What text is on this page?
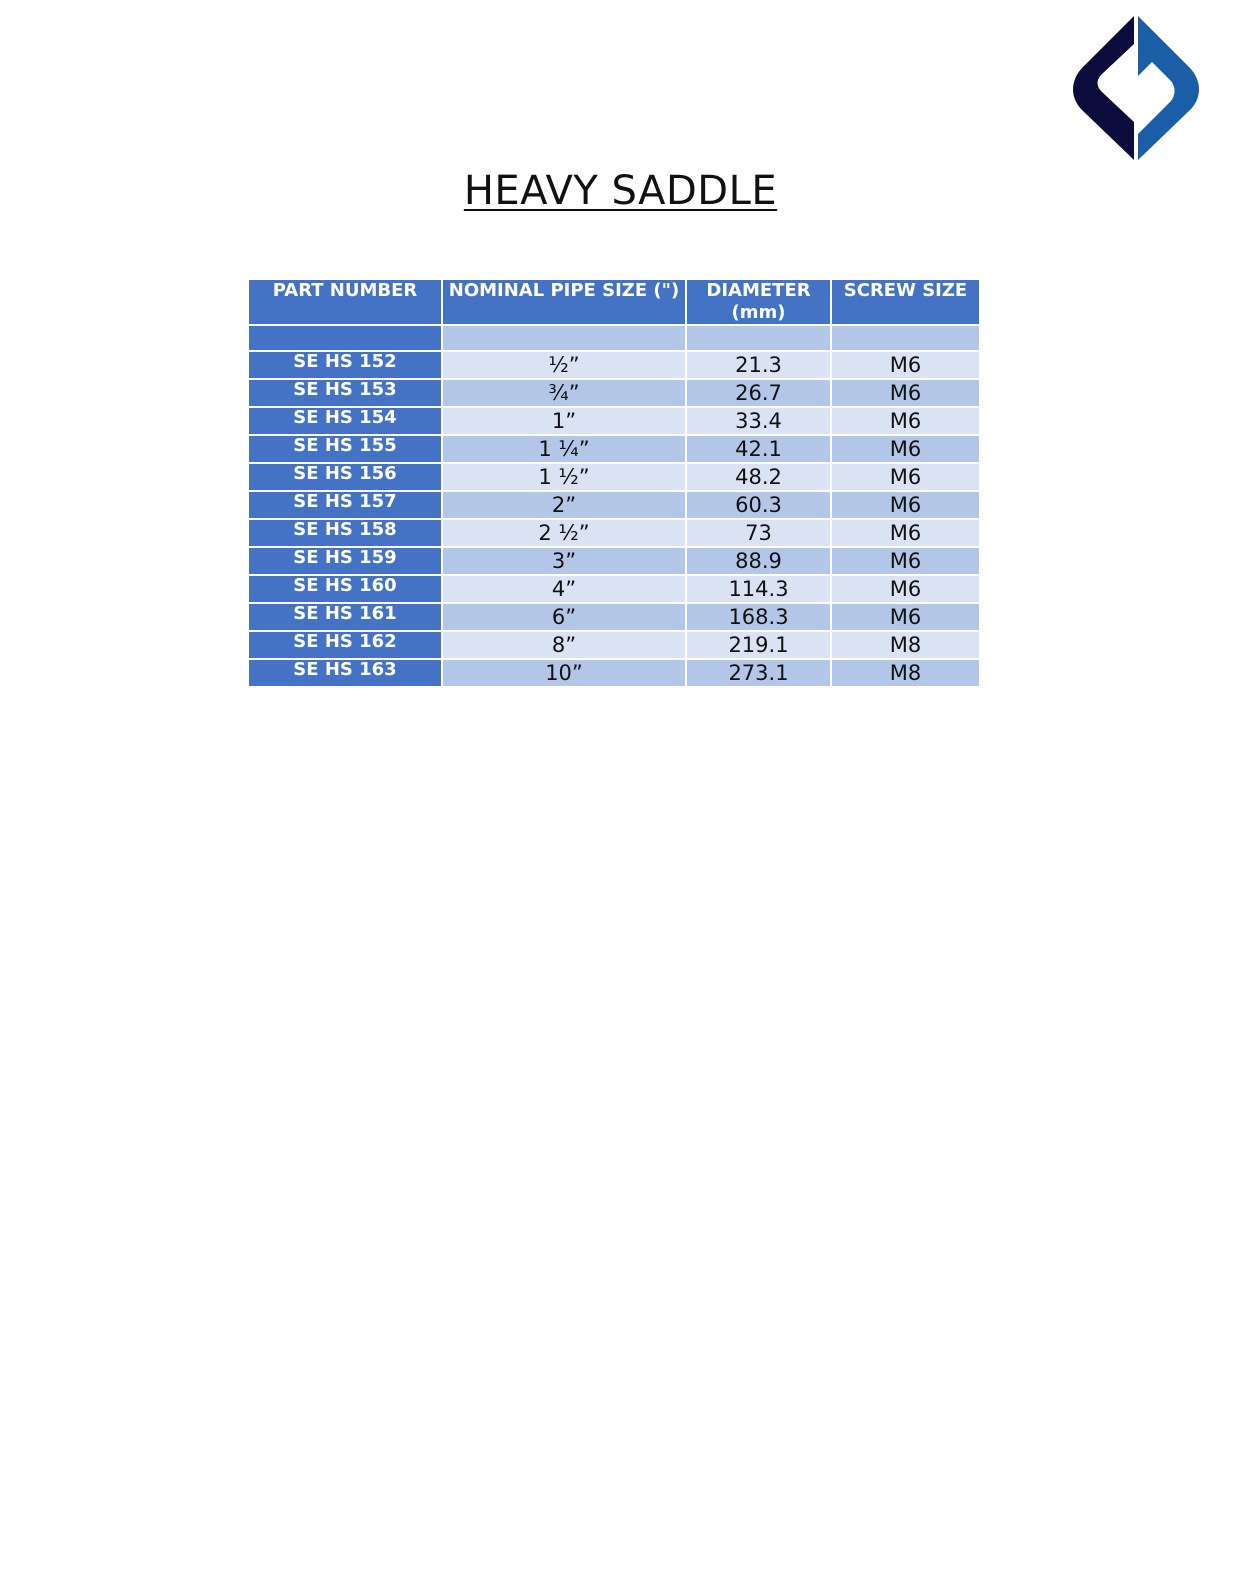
HEAVY SADDLE
PART NUMBER	NOMINAL PIPE SIZE (")	DIAMETER (mm)	SCREW SIZE

SE HS 152	½”	21.3	M6
SE HS 153	¾”	26.7	M6
SE HS 154	1”	33.4	M6
SE HS 155	1 ¼”	42.1	M6
SE HS 156	1 ½”	48.2	M6
SE HS 157	2”	60.3	M6
SE HS 158	2 ½”	73	M6
SE HS 159	3”	88.9	M6
SE HS 160	4”	114.3	M6
SE HS 161	6”	168.3	M6
SE HS 162	8”	219.1	M8
SE HS 163	10”	273.1	M8
